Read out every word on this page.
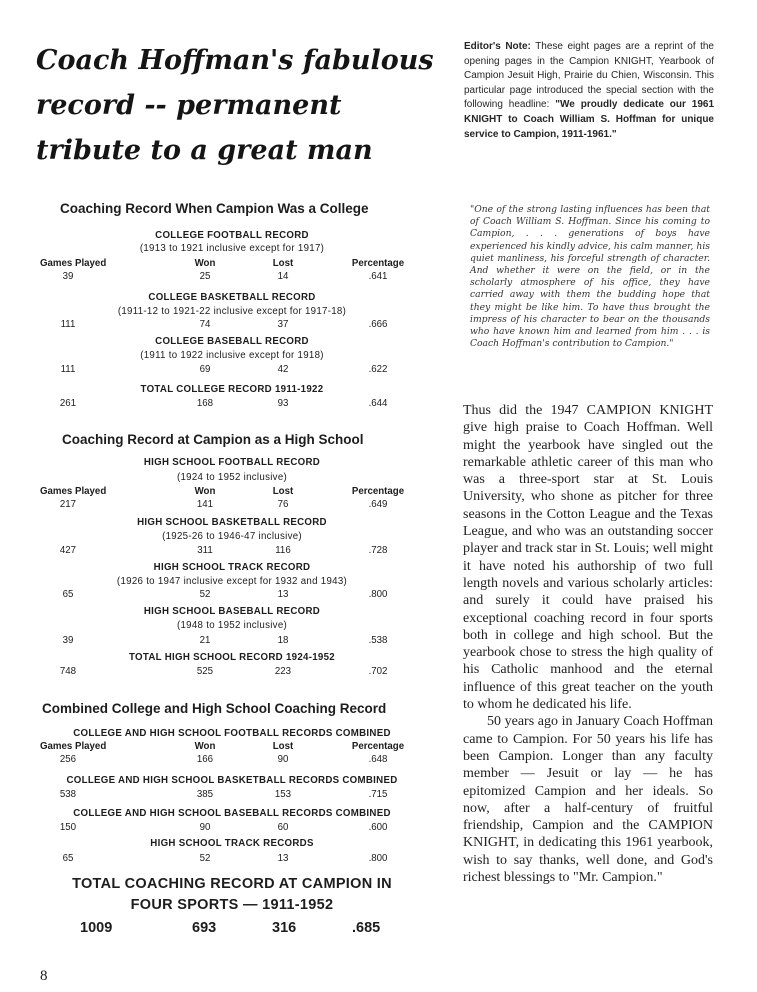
Coach Hoffman's fabulous
record -- permanent
tribute to a great man
Editor's Note: These eight pages are a reprint of the opening pages in the Campion KNIGHT, Yearbook of Campion Jesuit High, Prairie du Chien, Wisconsin. This particular page introduced the special section with the following headline: "We proudly dedicate our 1961 KNIGHT to Coach William S. Hoffman for unique service to Campion, 1911-1961."
Coaching Record When Campion Was a College
COLLEGE FOOTBALL RECORD
(1913 to 1921 inclusive except for 1917)
Games Played	Won	Lost	Percentage
39	25	14	.641
COLLEGE BASKETBALL RECORD
(1911-12 to 1921-22 inclusive except for 1917-18)
111	74	37	.666
COLLEGE BASEBALL RECORD
(1911 to 1922 inclusive except for 1918)
111	69	42	.622
TOTAL COLLEGE RECORD 1911-1922
261	168	93	.644
Coaching Record at Campion as a High School
HIGH SCHOOL FOOTBALL RECORD
(1924 to 1952 inclusive)
Games Played	Won	Lost	Percentage
217	141	76	.649
HIGH SCHOOL BASKETBALL RECORD
(1925-26 to 1946-47 inclusive)
427	311	116	.728
HIGH SCHOOL TRACK RECORD
(1926 to 1947 inclusive except for 1932 and 1943)
65	52	13	.800
HIGH SCHOOL BASEBALL RECORD
(1948 to 1952 inclusive)
39	21	18	.538
TOTAL HIGH SCHOOL RECORD 1924-1952
748	525	223	.702
Combined College and High School Coaching Record
COLLEGE AND HIGH SCHOOL FOOTBALL RECORDS COMBINED
Games Played	Won	Lost	Percentage
256	166	90	.648
COLLEGE AND HIGH SCHOOL BASKETBALL RECORDS COMBINED
538	385	153	.715
COLLEGE AND HIGH SCHOOL BASEBALL RECORDS COMBINED
150	90	60	.600
HIGH SCHOOL TRACK RECORDS
65	52	13	.800
TOTAL COACHING RECORD AT CAMPION IN
FOUR SPORTS — 1911-1952
1009	693	316	.685
"One of the strong lasting influences has been that of Coach William S. Hoffman. Since his coming to Campion, . . . generations of boys have experienced his kindly advice, his calm manner, his quiet manliness, his forceful strength of character. And whether it were on the field, or in the scholarly atmosphere of his office, they have carried away with them the budding hope that they might be like him. To have thus brought the impress of his character to bear on the thousands who have known him and learned from him . . . is Coach Hoffman's contribution to Campion."

Thus did the 1947 CAMPION KNIGHT give high praise to Coach Hoffman. Well might the yearbook have singled out the remarkable athletic career of this man who was a three-sport star at St. Louis University, who shone as pitcher for three seasons in the Cotton League and the Texas League, and who was an outstanding soccer player and track star in St. Louis; well might it have noted his authorship of two full length novels and various scholarly articles: and surely it could have praised his exceptional coaching record in four sports both in college and high school. But the yearbook chose to stress the high quality of his Catholic manhood and the eternal influence of this great teacher on the youth to whom he dedicated his life.

50 years ago in January Coach Hoffman came to Campion. For 50 years his life has been Campion. Longer than any faculty member — Jesuit or lay — he has epitomized Campion and her ideals. So now, after a half-century of fruitful friendship, Campion and the CAMPION KNIGHT, in dedicating this 1961 yearbook, wish to say thanks, well done, and God's richest blessings to "Mr. Campion."

8
